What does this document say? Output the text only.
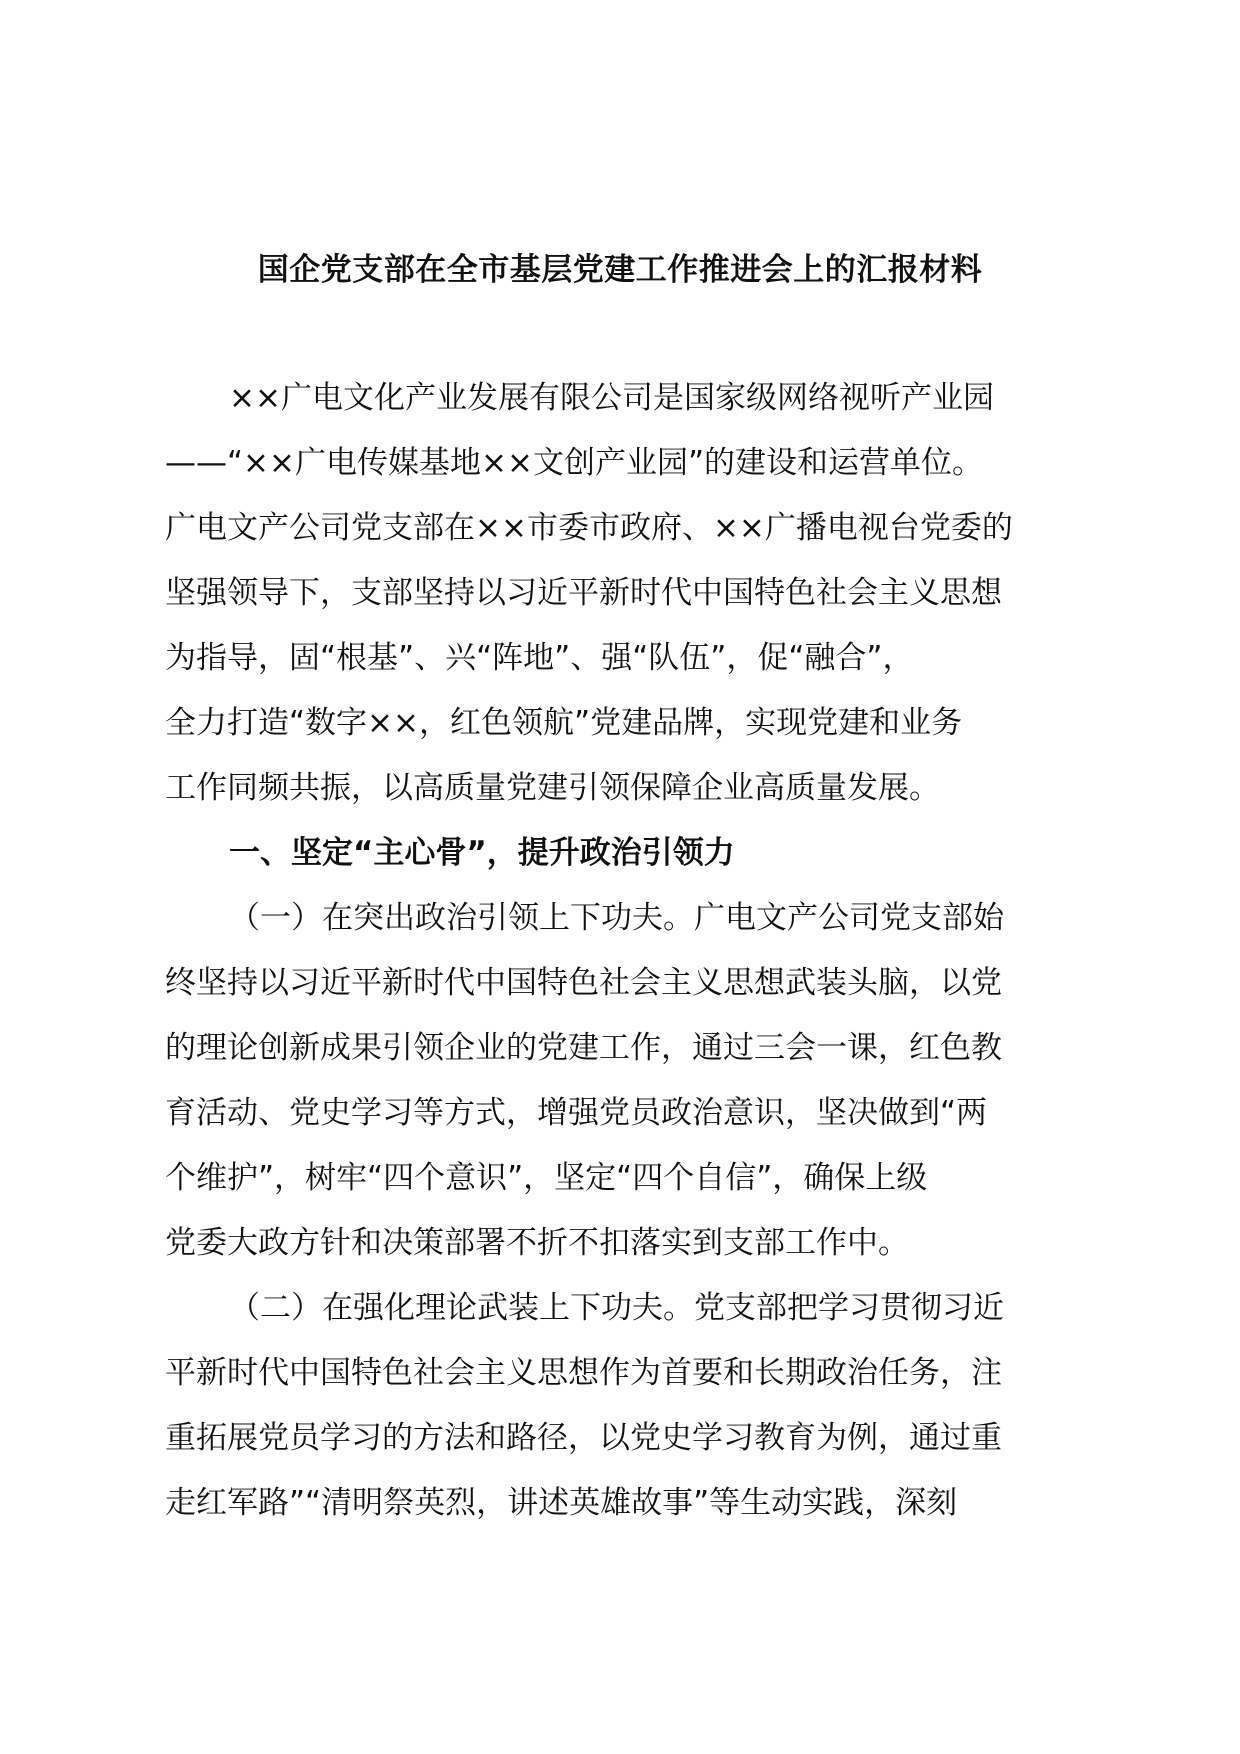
国企党支部在全市基层党建工作推进会上的汇报材料
××广电文化产业发展有限公司是国家级网络视听产业园
——“××广电传媒基地××文创产业园”的建设和运营单位。
广电文产公司党支部在××市委市政府、××广播电视台党委的
坚强领导下，支部坚持以习近平新时代中国特色社会主义思想
为指导，固“根基”、兴“阵地”、强“队伍”，促“融合”，
全力打造“数字××，红色领航”党建品牌，实现党建和业务
工作同频共振，以高质量党建引领保障企业高质量发展。
一、坚定“主心骨”，提升政治引领力
（一）在突出政治引领上下功夫。广电文产公司党支部始
终坚持以习近平新时代中国特色社会主义思想武装头脑，以党
的理论创新成果引领企业的党建工作，通过三会一课，红色教
育活动、党史学习等方式，增强党员政治意识，坚决做到“两
个维护”，树牢“四个意识”，坚定“四个自信”，确保上级
党委大政方针和决策部署不折不扣落实到支部工作中。
（二）在强化理论武装上下功夫。党支部把学习贯彻习近
平新时代中国特色社会主义思想作为首要和长期政治任务，注
重拓展党员学习的方法和路径，以党史学习教育为例，通过重
走红军路”“清明祭英烈，讲述英雄故事”等生动实践，深刻
